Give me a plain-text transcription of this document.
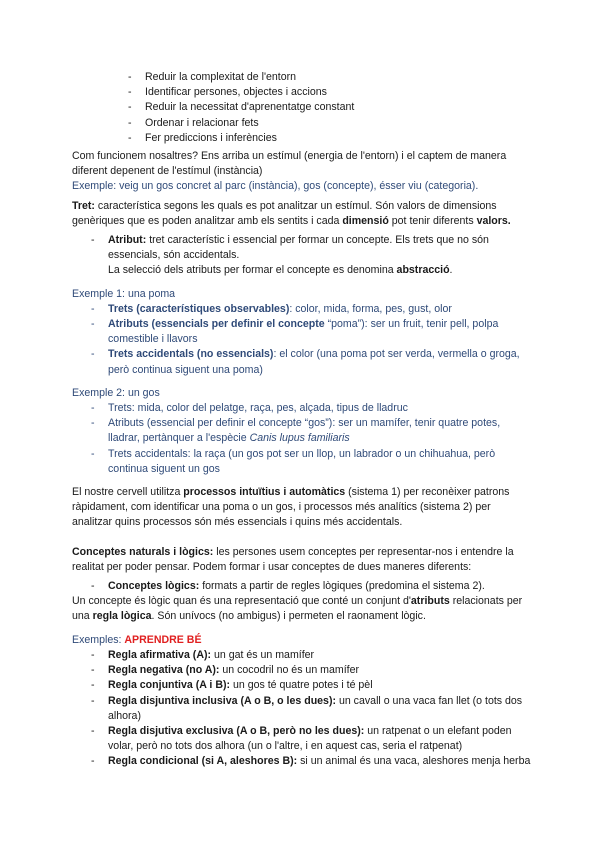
- Reduir la complexitat de l'entorn
- Identificar persones, objectes i accions
- Reduir la necessitat d'aprenentatge constant
- Ordenar i relacionar fets
- Fer prediccions i inferències
Com funcionem nosaltres? Ens arriba un estímul (energia de l'entorn) i el captem de manera diferent depenent de l'estímul (instància)
Exemple: veig un gos concret al parc (instància), gos (concepte), ésser viu (categoria).
Tret: característica segons les quals es pot analitzar un estímul. Són valors de dimensions genèriques que es poden analitzar amb els sentits i cada dimensió pot tenir diferents valors.
- Atribut: tret característic i essencial per formar un concepte. Els trets que no són essencials, són accidentals.
La selecció dels atributs per formar el concepte es denomina abstracció.
Exemple 1: una poma
- Trets (característiques observables): color, mida, forma, pes, gust, olor
- Atributs (essencials per definir el concepte “poma”): ser un fruit, tenir pell, polpa comestible i llavors
- Trets accidentals (no essencials): el color (una poma pot ser verda, vermella o groga, però continua siguent una poma)
Exemple 2: un gos
- Trets: mida, color del pelatge, raça, pes, alçada, tipus de lladruc
- Atributs (essencial per definir el concepte “gos”): ser un mamífer, tenir quatre potes, lladrar, pertànquer a l'espècie Canis lupus familiaris
- Trets accidentals: la raça (un gos pot ser un llop, un labrador o un chihuahua, però continua siguent un gos
El nostre cervell utilitza processos intuïtius i automàtics (sistema 1) per reconèixer patrons ràpidament, com identificar una poma o un gos, i processos més analítics (sistema 2) per analitzar quins processos són més essencials i quins més accidentals.
Conceptes naturals i lògics: les persones usem conceptes per representar-nos i entendre la realitat per poder pensar. Podem formar i usar conceptes de dues maneres diferents:
- Conceptes lògics: formats a partir de regles lògiques (predomina el sistema 2).
Un concepte és lògic quan és una representació que conté un conjunt d'atributs relacionats per una regla lògica. Són unívocs (no ambigus) i permeten el raonament lògic.
Exemples: APRENDRE BÉ
- Regla afirmativa (A): un gat és un mamífer
- Regla negativa (no A): un cocodril no és un mamífer
- Regla conjuntiva (A i B): un gos té quatre potes i té pèl
- Regla disjuntiva inclusiva (A o B, o les dues): un cavall o una vaca fan llet (o tots dos alhora)
- Regla disjutiva exclusiva (A o B, però no les dues): un ratpenat o un elefant poden volar, però no tots dos alhora (un o l'altre, i en aquest cas, seria el ratpenat)
- Regla condicional (si A, aleshores B): si un animal és una vaca, aleshores menja herba
